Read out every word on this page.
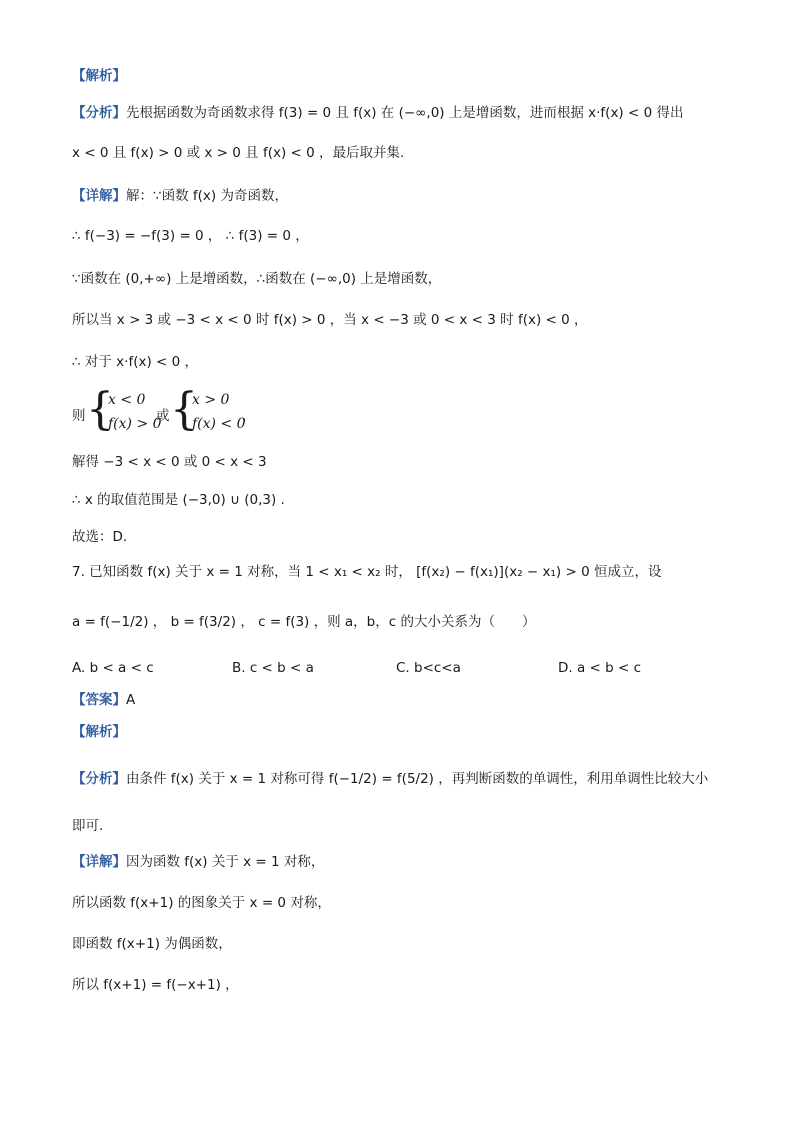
【解析】
【分析】先根据函数为奇函数求得 f(3) = 0 且 f(x) 在 (−∞,0) 上是增函数，进而根据 x·f(x) < 0 得出
x < 0 且 f(x) > 0 或 x > 0 且 f(x) < 0 ，最后取并集.
【详解】解：∵函数 f(x) 为奇函数，
∴ f(−3) = −f(3) = 0 ， ∴ f(3) = 0 ，
∵函数在 (0,+∞) 上是增函数，∴函数在 (−∞,0) 上是增函数，
所以当 x > 3 或 −3 < x < 0 时 f(x) > 0 ，当 x < −3 或 0 < x < 3 时 f(x) < 0 ，
∴ 对于 x·f(x) < 0 ，
则 {
x < 0
f(x) > 0
或 {
x > 0
f(x) < 0
，
解得 −3 < x < 0 或 0 < x < 3
∴ x 的取值范围是 (−3,0) ∪ (0,3) .
故选：D.
7. 已知函数 f(x) 关于 x = 1 对称，当 1 < x₁ < x₂ 时， [f(x₂) − f(x₁)](x₂ − x₁) > 0 恒成立，设
a = f(−1/2) ， b = f(3/2) ， c = f(3) ，则 a，b，c 的大小关系为（　　）
A. b < a < c	B. c < b < a	C. b<c<a	D. a < b < c
【答案】A
【解析】
【分析】由条件 f(x) 关于 x = 1 对称可得 f(−1/2) = f(5/2) ，再判断函数的单调性，利用单调性比较大小
即可.
【详解】因为函数 f(x) 关于 x = 1 对称，
所以函数 f(x+1) 的图象关于 x = 0 对称，
即函数 f(x+1) 为偶函数，
所以 f(x+1) = f(−x+1) ，
